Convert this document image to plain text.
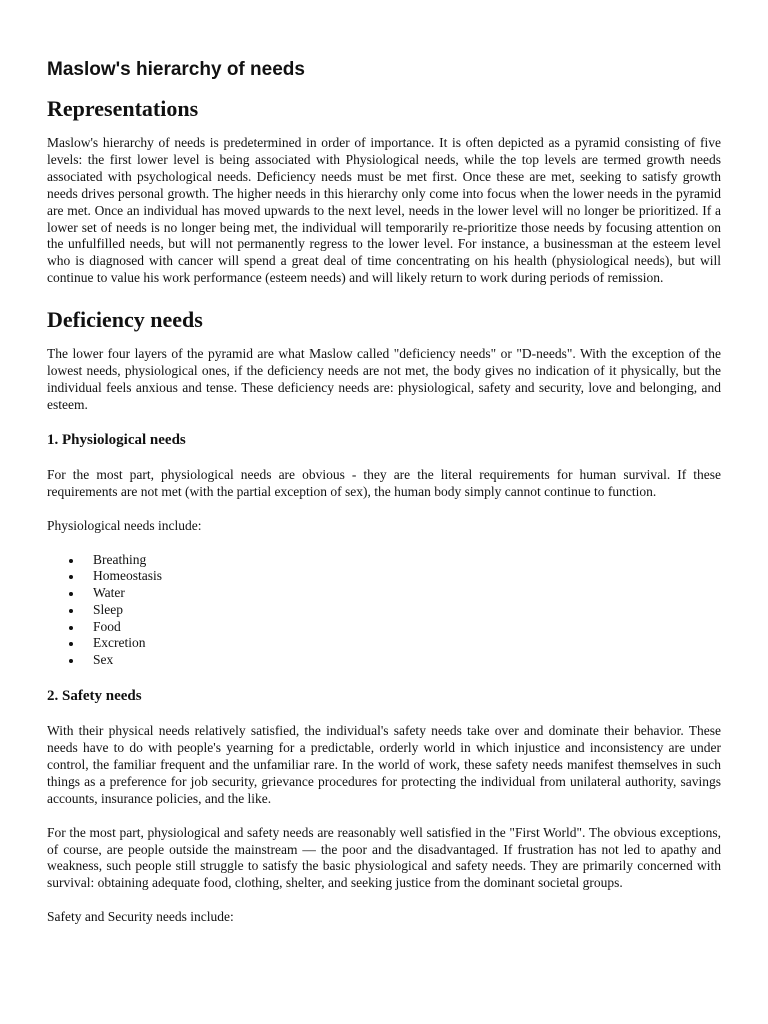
Maslow's hierarchy of needs
Representations

Maslow's hierarchy of needs is predetermined in order of importance. It is often depicted as a pyramid consisting of five levels: the first lower level is being associated with Physiological needs, while the top levels are termed growth needs associated with psychological needs. Deficiency needs must be met first. Once these are met, seeking to satisfy growth needs drives personal growth. The higher needs in this hierarchy only come into focus when the lower needs in the pyramid are met. Once an individual has moved upwards to the next level, needs in the lower level will no longer be prioritized. If a lower set of needs is no longer being met, the individual will temporarily re-prioritize those needs by focusing attention on the unfulfilled needs, but will not permanently regress to the lower level. For instance, a businessman at the esteem level who is diagnosed with cancer will spend a great deal of time concentrating on his health (physiological needs), but will continue to value his work performance (esteem needs) and will likely return to work during periods of remission.

Deficiency needs

The lower four layers of the pyramid are what Maslow called "deficiency needs" or "D-needs". With the exception of the lowest needs, physiological ones, if the deficiency needs are not met, the body gives no indication of it physically, but the individual feels anxious and tense. These deficiency needs are: physiological, safety and security, love and belonging, and esteem.

1. Physiological needs

For the most part, physiological needs are obvious - they are the literal requirements for human survival. If these requirements are not met (with the partial exception of sex), the human body simply cannot continue to function.

Physiological needs include:

Breathing
Homeostasis
Water
Sleep
Food
Excretion
Sex
2. Safety needs

With their physical needs relatively satisfied, the individual's safety needs take over and dominate their behavior. These needs have to do with people's yearning for a predictable, orderly world in which injustice and inconsistency are under control, the familiar frequent and the unfamiliar rare. In the world of work, these safety needs manifest themselves in such things as a preference for job security, grievance procedures for protecting the individual from unilateral authority, savings accounts, insurance policies, and the like.

For the most part, physiological and safety needs are reasonably well satisfied in the "First World". The obvious exceptions, of course, are people outside the mainstream — the poor and the disadvantaged. If frustration has not led to apathy and weakness, such people still struggle to satisfy the basic physiological and safety needs. They are primarily concerned with survival: obtaining adequate food, clothing, shelter, and seeking justice from the dominant societal groups.

Safety and Security needs include:
